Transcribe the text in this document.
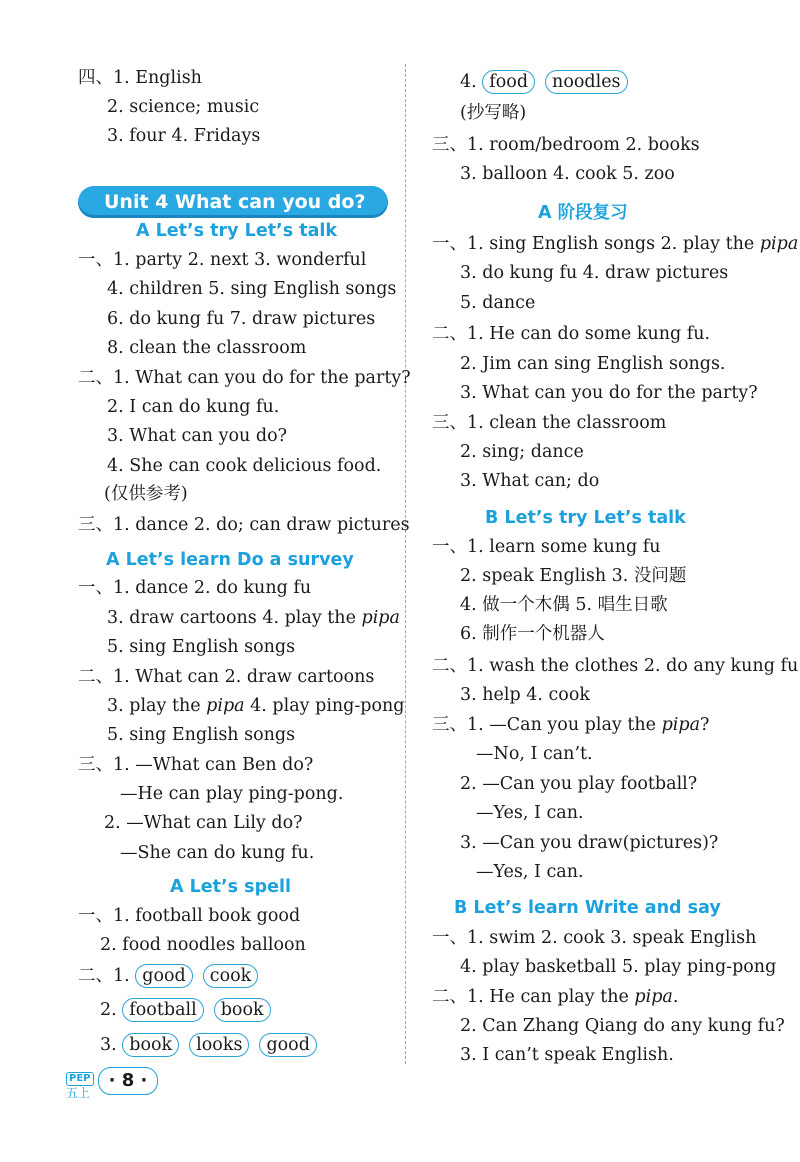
四、1. English
2. science; music
3. four 4. Fridays
Unit 4 What can you do?
A Let’s try Let’s talk
一、1. party 2. next 3. wonderful
4. children 5. sing English songs
6. do kung fu 7. draw pictures
8. clean the classroom
二、1. What can you do for the party?
2. I can do kung fu.
3. What can you do?
4. She can cook delicious food.
(仅供参考)
三、1. dance 2. do; can draw pictures
A Let’s learn Do a survey
一、1. dance 2. do kung fu
3. draw cartoons 4. play the pipa
5. sing English songs
二、1. What can 2. draw cartoons
3. play the pipa 4. play ping-pong
5. sing English songs
三、1. —What can Ben do?
—He can play ping-pong.
2. —What can Lily do?
—She can do kung fu.
A Let’s spell
一、1. football book good
2. food noodles balloon
二、1. good cook
2. football book
3. book looks good
4. food noodles
(抄写略)
三、1. room/bedroom 2. books
3. balloon 4. cook 5. zoo
A 阶段复习
一、1. sing English songs 2. play the pipa
3. do kung fu 4. draw pictures
5. dance
二、1. He can do some kung fu.
2. Jim can sing English songs.
3. What can you do for the party?
三、1. clean the classroom
2. sing; dance
3. What can; do
B Let’s try Let’s talk
一、1. learn some kung fu
2. speak English 3. 没问题
4. 做一个木偶 5. 唱生日歌
6. 制作一个机器人
二、1. wash the clothes 2. do any kung fu
3. help 4. cook
三、1. —Can you play the pipa?
—No, I can’t.
2. —Can you play football?
—Yes, I can.
3. —Can you draw(pictures)?
—Yes, I can.
B Let’s learn Write and say
一、1. swim 2. cook 3. speak English
4. play basketball 5. play ping-pong
二、1. He can play the pipa.
2. Can Zhang Qiang do any kung fu?
3. I can’t speak English.
PEP
五上
· 8 ·
